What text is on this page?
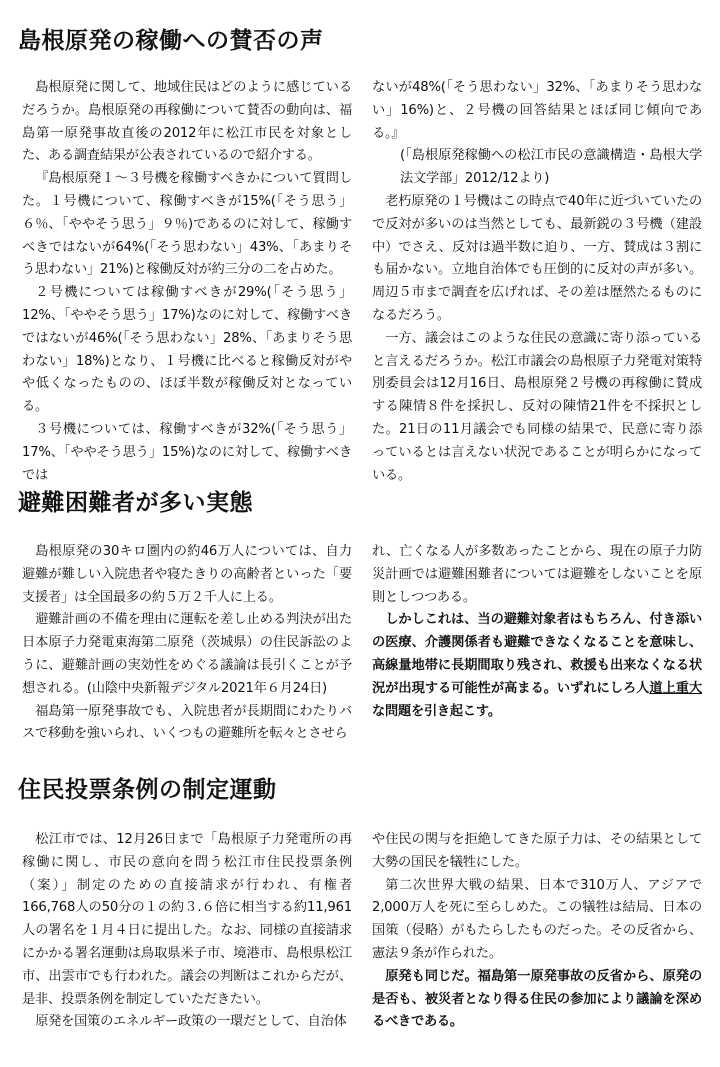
島根原発の稼働への賛否の声

島根原発に関して、地域住民はどのように感じているだろうか。島根原発の再稼働について賛否の動向は、福島第一原発事故直後の2012年に松江市民を対象とした、ある調査結果が公表されているので紹介する。

『島根原発１～３号機を稼働すべきかについて質問した。１号機について、稼働すべきが15%(「そう思う」６％、「ややそう思う」９％)であるのに対して、稼働すべきではないが64%(「そう思わない」43%、「あまりそう思わない」21%)と稼働反対が約三分の二を占めた。

２号機については稼働すべきが29%(「そう思う」12%、「ややそう思う」17%)なのに対して、稼働すべきではないが46%(「そう思わない」28%、「あまりそう思わない」18%)となり、１号機に比べると稼働反対がやや低くなったものの、ほぼ半数が稼働反対となっている。

３号機については、稼働すべきが32%(「そう思う」17%、「ややそう思う」15%)なのに対して、稼働すべきでは

ないが48%(「そう思わない」32%、「あまりそう思わない」16%)と、２号機の回答結果とほぼ同じ傾向である。』

(「島根原発稼働への松江市民の意識構造・島根大学法文学部」2012/12より)

老朽原発の１号機はこの時点で40年に近づいていたので反対が多いのは当然としても、最新鋭の３号機（建設中）でさえ、反対は過半数に迫り、一方、賛成は３割にも届かない。立地自治体でも圧倒的に反対の声が多い。周辺５市まで調査を広げれば、その差は歴然たるものになるだろう。

一方、議会はこのような住民の意識に寄り添っていると言えるだろうか。松江市議会の島根原子力発電対策特別委員会は12月16日、島根原発２号機の再稼働に賛成する陳情８件を採択し、反対の陳情21件を不採択とした。21日の11月議会でも同様の結果で、民意に寄り添っているとは言えない状況であることが明らかになっている。

避難困難者が多い実態

島根原発の30キロ圏内の約46万人については、自力避難が難しい入院患者や寝たきりの高齢者といった「要支援者」は全国最多の約５万２千人に上る。

避難計画の不備を理由に運転を差し止める判決が出た日本原子力発電東海第二原発（茨城県）の住民訴訟のように、避難計画の実効性をめぐる議論は長引くことが予想される。(山陰中央新報デジタル2021年６月24日)

福島第一原発事故でも、入院患者が長期間にわたりバスで移動を強いられ、いくつもの避難所を転々とさせら

れ、亡くなる人が多数あったことから、現在の原子力防災計画では避難困難者については避難をしないことを原則としつつある。

しかしこれは、当の避難対象者はもちろん、付き添いの医療、介護関係者も避難できなくなることを意味し、高線量地帯に長期間取り残され、救援も出来なくなる状況が出現する可能性が高まる。いずれにしろ人道上重大な問題を引き起こす。

住民投票条例の制定運動

松江市では、12月26日まで「島根原子力発電所の再稼働に関し、市民の意向を問う松江市住民投票条例（案）」制定のための直接請求が行われ、有権者166,768人の50分の１の約３.６倍に相当する約11,961人の署名を１月４日に提出した。なお、同様の直接請求にかかる署名運動は鳥取県米子市、境港市、島根県松江市、出雲市でも行われた。議会の判断はこれからだが、是非、投票条例を制定していただきたい。

原発を国策のエネルギー政策の一環だとして、自治体

や住民の関与を拒絶してきた原子力は、その結果として大勢の国民を犠牲にした。

第二次世界大戦の結果、日本で310万人、アジアで2,000万人を死に至らしめた。この犠牲は結局、日本の国策（侵略）がもたらしたものだった。その反省から、憲法９条が作られた。

原発も同じだ。福島第一原発事故の反省から、原発の是否も、被災者となり得る住民の参加により議論を深めるべきである。
